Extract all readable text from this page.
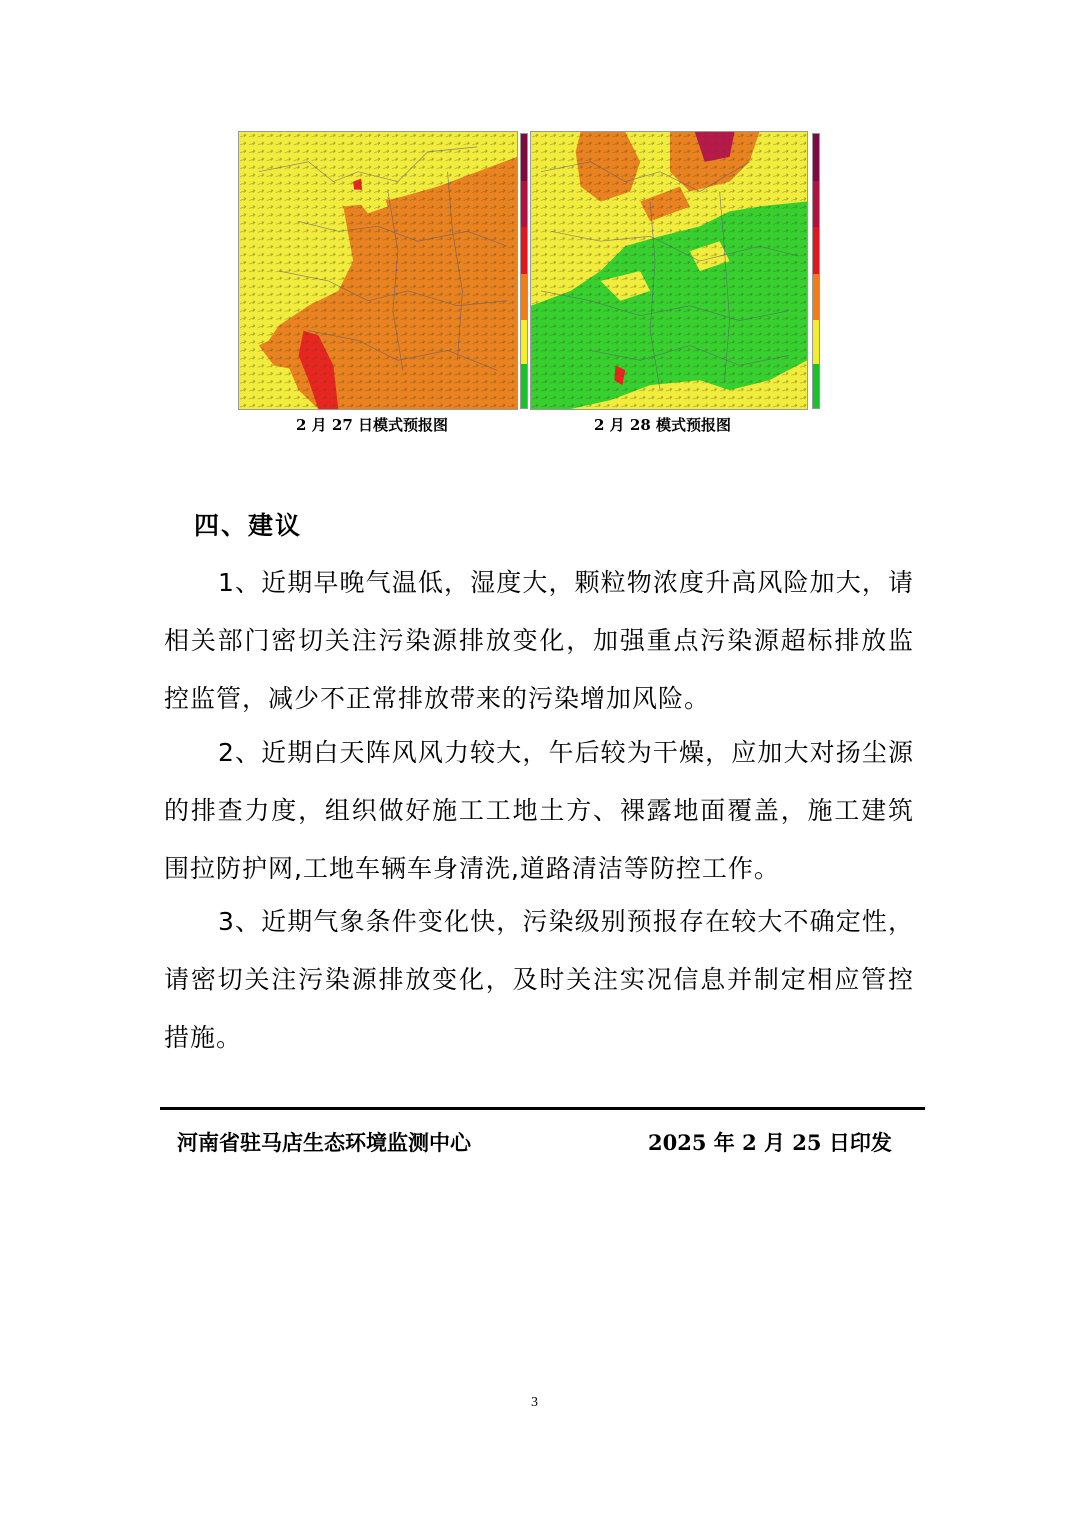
2 月 27 日模式预报图	2 月 28 模式预报图
四、建议

1、近期早晚气温低，湿度大，颗粒物浓度升高风险加大，请相关部门密切关注污染源排放变化，加强重点污染源超标排放监控监管，减少不正常排放带来的污染增加风险。

2、近期白天阵风风力较大，午后较为干燥，应加大对扬尘源的排查力度，组织做好施工工地土方、裸露地面覆盖，施工建筑围拉防护网,工地车辆车身清洗,道路清洁等防控工作。

3、近期气象条件变化快，污染级别预报存在较大不确定性，请密切关注污染源排放变化，及时关注实况信息并制定相应管控措施。

河南省驻马店生态环境监测中心	2025 年 2 月 25 日印发
3
